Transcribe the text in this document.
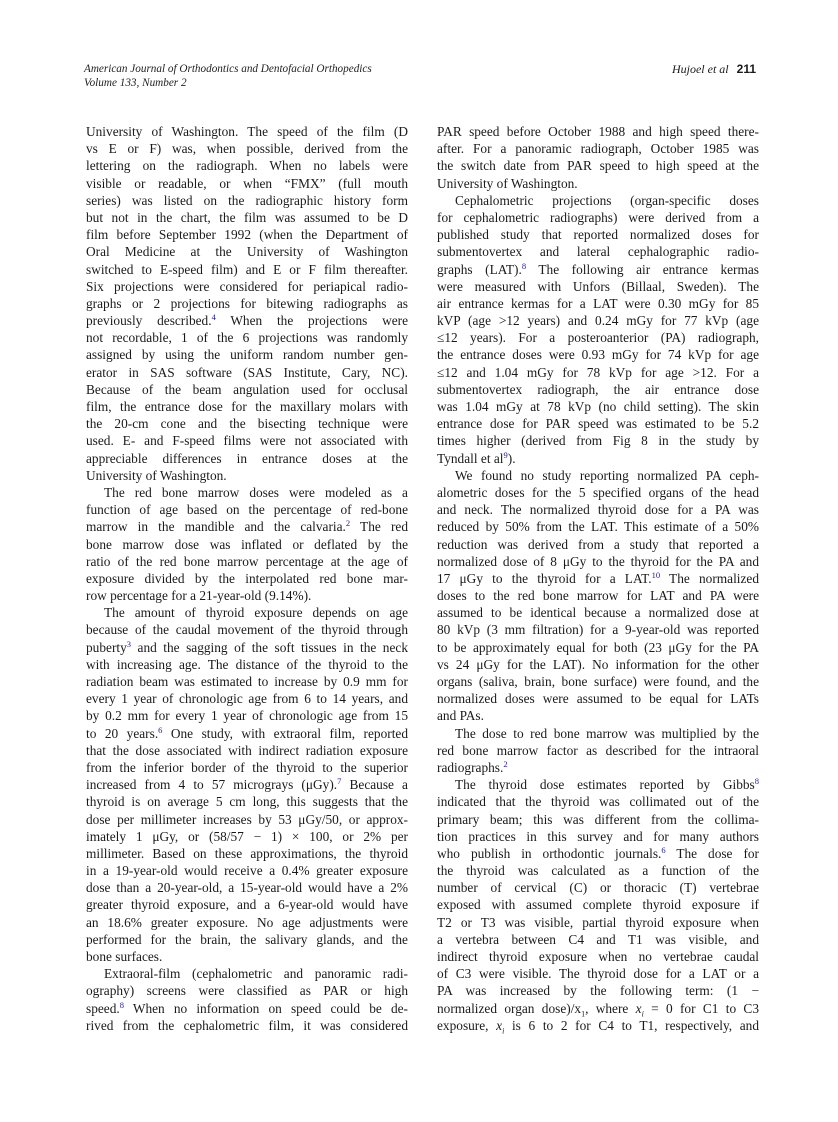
American Journal of Orthodontics and Dentofacial Orthopedics
Volume 133, Number 2
Hujoel et al 211
University of Washington. The speed of the film (D
vs E or F) was, when possible, derived from the
lettering on the radiograph. When no labels were
visible or readable, or when “FMX” (full mouth
series) was listed on the radiographic history form
but not in the chart, the film was assumed to be D
film before September 1992 (when the Department of
Oral Medicine at the University of Washington
switched to E-speed film) and E or F film thereafter.
Six projections were considered for periapical radio-
graphs or 2 projections for bitewing radiographs as
previously described.$^4$ When the projections were
not recordable, 1 of the 6 projections was randomly
assigned by using the uniform random number gen-
erator in SAS software (SAS Institute, Cary, NC).
Because of the beam angulation used for occlusal
film, the entrance dose for the maxillary molars with
the 20-cm cone and the bisecting technique were
used. E- and F-speed films were not associated with
appreciable differences in entrance doses at the
University of Washington.
The red bone marrow doses were modeled as a
function of age based on the percentage of red-bone
marrow in the mandible and the calvaria.$^2$ The red
bone marrow dose was inflated or deflated by the
ratio of the red bone marrow percentage at the age of
exposure divided by the interpolated red bone mar-
row percentage for a 21-year-old (9.14%).
The amount of thyroid exposure depends on age
because of the caudal movement of the thyroid through
puberty$^3$ and the sagging of the soft tissues in the neck
with increasing age. The distance of the thyroid to the
radiation beam was estimated to increase by 0.9 mm for
every 1 year of chronologic age from 6 to 14 years, and
by 0.2 mm for every 1 year of chronologic age from 15
to 20 years.$^6$ One study, with extraoral film, reported
that the dose associated with indirect radiation exposure
from the inferior border of the thyroid to the superior
increased from 4 to 57 micrograys (μGy).$^7$ Because a
thyroid is on average 5 cm long, this suggests that the
dose per millimeter increases by 53 μGy/50, or approx-
imately 1 μGy, or (58/57 − 1) × 100, or 2% per
millimeter. Based on these approximations, the thyroid
in a 19-year-old would receive a 0.4% greater exposure
dose than a 20-year-old, a 15-year-old would have a 2%
greater thyroid exposure, and a 6-year-old would have
an 18.6% greater exposure. No age adjustments were
performed for the brain, the salivary glands, and the
bone surfaces.
Extraoral-film (cephalometric and panoramic radi-
ography) screens were classified as PAR or high
speed.$^8$ When no information on speed could be de-
rived from the cephalometric film, it was considered
PAR speed before October 1988 and high speed there-
after. For a panoramic radiograph, October 1985 was
the switch date from PAR speed to high speed at the
University of Washington.
Cephalometric projections (organ-specific doses
for cephalometric radiographs) were derived from a
published study that reported normalized doses for
submentovertex and lateral cephalographic radio-
graphs (LAT).$^8$ The following air entrance kermas
were measured with Unfors (Billaal, Sweden). The
air entrance kermas for a LAT were 0.30 mGy for 85
kVP (age >12 years) and 0.24 mGy for 77 kVp (age
≤12 years). For a posteroanterior (PA) radiograph,
the entrance doses were 0.93 mGy for 74 kVp for age
≤12 and 1.04 mGy for 78 kVp for age >12. For a
submentovertex radiograph, the air entrance dose
was 1.04 mGy at 78 kVp (no child setting). The skin
entrance dose for PAR speed was estimated to be 5.2
times higher (derived from Fig 8 in the study by
Tyndall et $al^9$).
We found no study reporting normalized PA ceph-
alometric doses for the 5 specified organs of the head
and neck. The normalized thyroid dose for a PA was
reduced by 50% from the LAT. This estimate of a 50%
reduction was derived from a study that reported a
normalized dose of 8 μGy to the thyroid for the PA and
17 μGy to the thyroid for a LAT.$^{10}$ The normalized
doses to the red bone marrow for LAT and PA were
assumed to be identical because a normalized dose at
80 kVp (3 mm filtration) for a 9-year-old was reported
to be approximately equal for both (23 μGy for the PA
vs 24 μGy for the LAT). No information for the other
organs (saliva, brain, bone surface) were found, and the
normalized doses were assumed to be equal for LATs
and PAs.
The dose to red bone marrow was multiplied by the
red bone marrow factor as described for the intraoral
radiographs.$^2$
The thyroid dose estimates reported by Gibbs$^8$
indicated that the thyroid was collimated out of the
primary beam; this was different from the collima-
tion practices in this survey and for many authors
who publish in orthodontic journals.$^6$ The dose for
the thyroid was calculated as a function of the
number of cervical (C) or thoracic (T) vertebrae
exposed with assumed complete thyroid exposure if
T2 or T3 was visible, partial thyroid exposure when
a vertebra between C4 and T1 was visible, and
indirect thyroid exposure when no vertebrae caudal
of C3 were visible. The thyroid dose for a LAT or a
PA was increased by the following term: (1 −
normalized organ $dose)/x_1$, where $x_i = 0$ for C1 to C3
exposure, $x_i$ is 6 to 2 for C4 to T1, respectively, and
